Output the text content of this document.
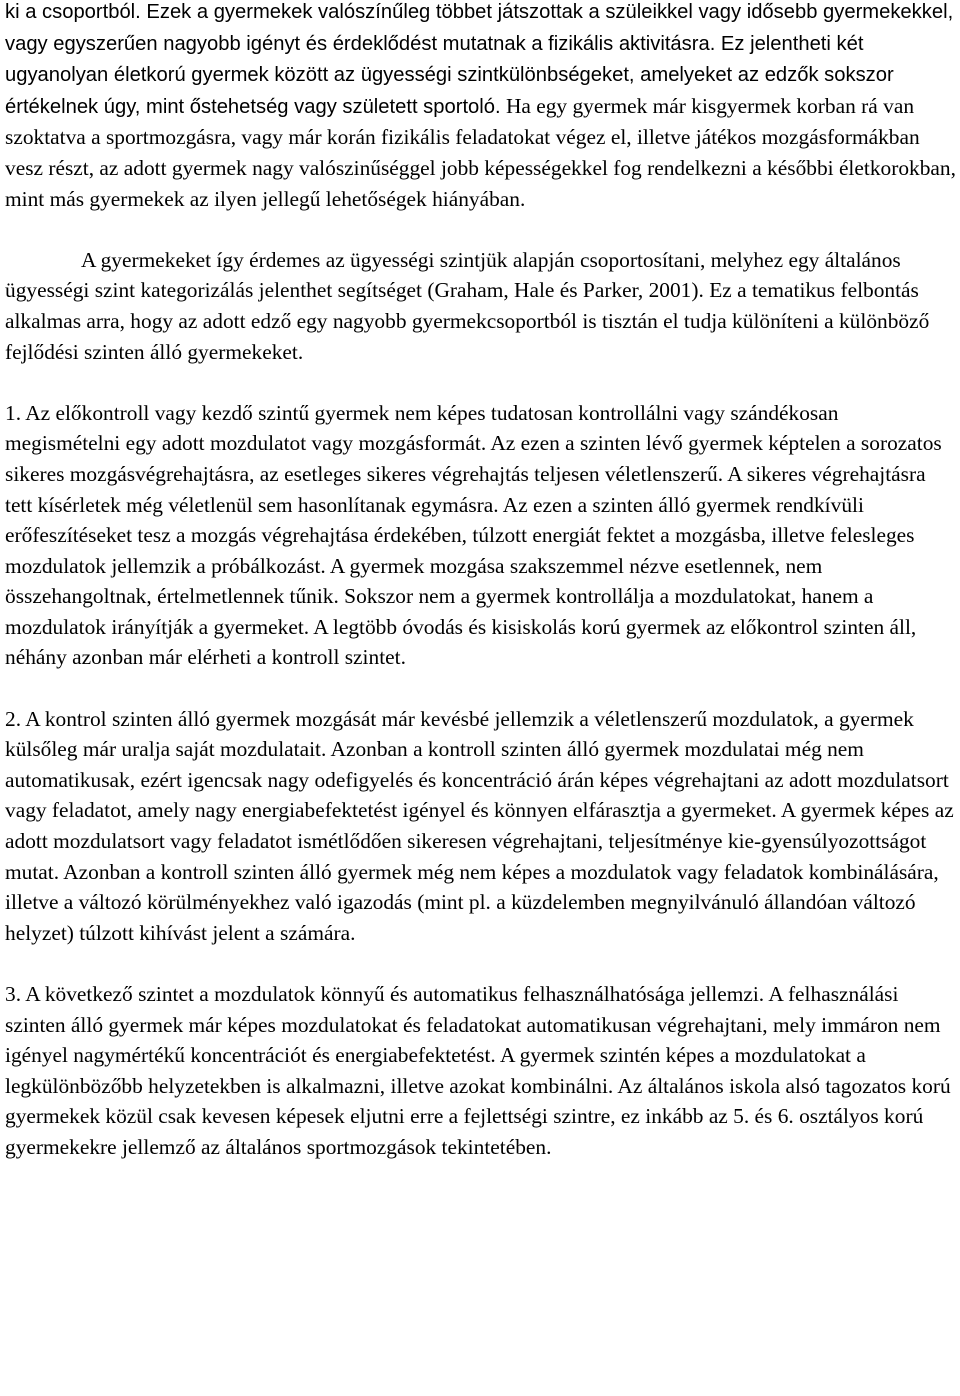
ki a csoportból. Ezek a gyermekek valószínűleg többet játszottak a szüleikkel vagy idősebb gyermekekkel, vagy egyszerűen nagyobb igényt és érdeklődést mutatnak a fizikális aktivitásra. Ez jelentheti két ugyanolyan életkorú gyermek között az ügyességi szintkülönbségeket, amelyeket az edzők sokszor értékelnek úgy, mint őstehetség vagy született sportoló. Ha egy gyermek már kisgyermek korban rá van szoktatva a sportmozgásra, vagy már korán fizikális feladatokat végez el, illetve játékos mozgásformákban vesz részt, az adott gyermek nagy valószinűséggel jobb képességekkel fog rendelkezni a későbbi életkorokban, mint más gyermekek az ilyen jellegű lehetőségek hiányában.

A gyermekeket így érdemes az ügyességi szintjük alapján csoportosítani, melyhez egy általános ügyességi szint kategorizálás jelenthet segítséget (Graham, Hale és Parker, 2001). Ez a tematikus felbontás alkalmas arra, hogy az adott edző egy nagyobb gyermekcsoportból is tisztán el tudja különíteni a különböző fejlődési szinten álló gyermekeket.

1. Az előkontroll vagy kezdő szintű gyermek nem képes tudatosan kontrollálni vagy szándékosan megismételni egy adott mozdulatot vagy mozgásformát. Az ezen a szinten lévő gyermek képtelen a sorozatos sikeres mozgásvégrehajtásra, az esetleges sikeres végrehajtás teljesen véletlenszerű. A sikeres végrehajtásra tett kísérletek még véletlenül sem hasonlítanak egymásra. Az ezen a szinten álló gyermek rendkívüli erőfeszítéseket tesz a mozgás végrehajtása érdekében, túlzott energiát fektet a mozgásba, illetve felesleges mozdulatok jellemzik a próbálkozást. A gyermek mozgása szakszemmel nézve esetlennek, nem összehangoltnak, értelmetlennek tűnik. Sokszor nem a gyermek kontrollálja a mozdulatokat, hanem a mozdulatok irányítják a gyermeket. A legtöbb óvodás és kisiskolás korú gyermek az előkontrol szinten áll, néhány azonban már elérheti a kontroll szintet.

2. A kontrol szinten álló gyermek mozgását már kevésbé jellemzik a véletlenszerű mozdulatok, a gyermek külsőleg már uralja saját mozdulatait. Azonban a kontroll szinten álló gyermek mozdulatai még nem automatikusak, ezért igencsak nagy odefigyelés és koncentráció árán képes végrehajtani az adott mozdulatsort vagy feladatot, amely nagy energiabefektetést igényel és könnyen elfárasztja a gyermeket. A gyermek képes az adott mozdulatsort vagy feladatot ismétlődően sikeresen végrehajtani, teljesítménye kie-gyensúlyozottságot mutat. Azonban a kontroll szinten álló gyermek még nem képes a mozdulatok vagy feladatok kombinálására, illetve a változó körülményekhez való igazodás (mint pl. a küzdelemben megnyilvánuló állandóan változó helyzet) túlzott kihívást jelent a számára.

3. A következő szintet a mozdulatok könnyű és automatikus felhasználhatósága jellemzi. A felhasználási szinten álló gyermek már képes mozdulatokat és feladatokat automatikusan végrehajtani, mely immáron nem igényel nagymértékű koncentrációt és energiabefektetést. A gyermek szintén képes a mozdulatokat a legkülönbözőbb helyzetekben is alkalmazni, illetve azokat kombinálni. Az általános iskola alsó tagozatos korú gyermekek közül csak kevesen képesek eljutni erre a fejlettségi szintre, ez inkább az 5. és 6. osztályos korú gyermekekre jellemző az általános sportmozgások tekintetében.
